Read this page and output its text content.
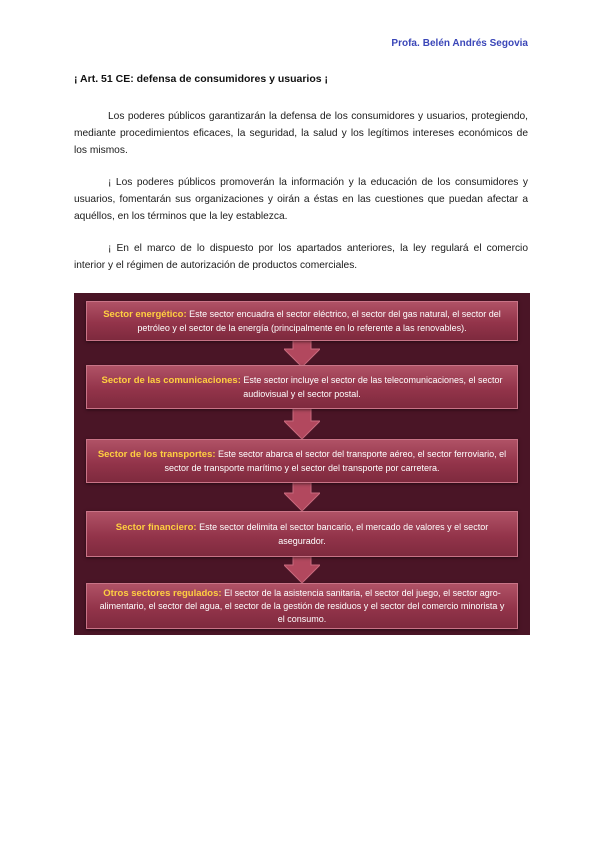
Profa. Belén Andrés Segovia
¡ Art. 51 CE: defensa de consumidores y usuarios ¡
Los poderes públicos garantizarán la defensa de los consumidores y usuarios, protegiendo, mediante procedimientos eficaces, la seguridad, la salud y los legítimos intereses económicos de los mismos.
¡ Los poderes públicos promoverán la información y la educación de los consumidores y usuarios, fomentarán sus organizaciones y oirán a éstas en las cuestiones que puedan afectar a aquéllos, en los términos que la ley establezca.
¡ En el marco de lo dispuesto por los apartados anteriores, la ley regulará el comercio interior y el régimen de autorización de productos comerciales.
Sector energético: Este sector encuadra el sector eléctrico, el sector del gas natural, el sector del petróleo y el sector de la energía (principalmente en lo referente a las renovables).
Sector de las comunicaciones: Este sector incluye el sector de las telecomunicaciones, el sector audiovisual y el sector postal.
Sector de los transportes: Este sector abarca el sector del transporte aéreo, el sector ferroviario, el sector de transporte marítimo y el sector del transporte por carretera.
Sector financiero: Este sector delimita el sector bancario, el mercado de valores y el sector asegurador.
Otros sectores regulados: El sector de la asistencia sanitaria, el sector del juego, el sector agro-alimentario, el sector del agua, el sector de la gestión de residuos y el sector del comercio minorista y el consumo.
